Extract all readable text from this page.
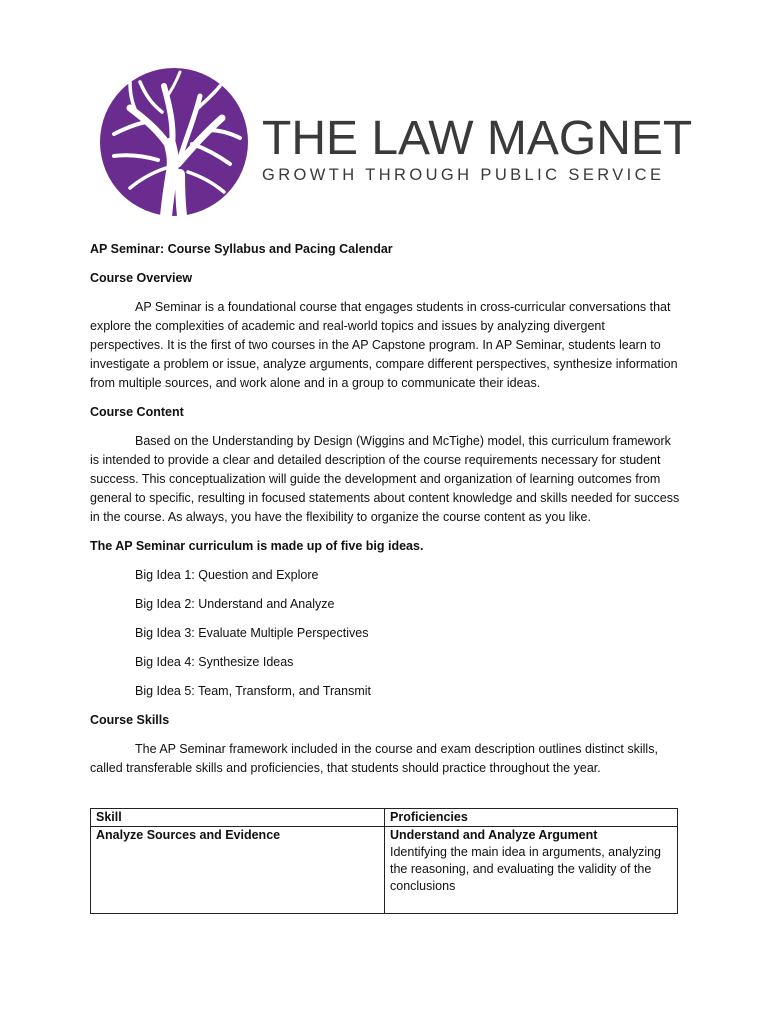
THE LAW MAGNET
GROWTH THROUGH PUBLIC SERVICE

AP Seminar: Course Syllabus and Pacing Calendar

Course Overview

AP Seminar is a foundational course that engages students in cross-curricular conversations that explore the complexities of academic and real-world topics and issues by analyzing divergent perspectives. It is the first of two courses in the AP Capstone program. In AP Seminar, students learn to investigate a problem or issue, analyze arguments, compare different perspectives, synthesize information from multiple sources, and work alone and in a group to communicate their ideas.

Course Content

Based on the Understanding by Design (Wiggins and McTighe) model, this curriculum framework is intended to provide a clear and detailed description of the course requirements necessary for student success. This conceptualization will guide the development and organization of learning outcomes from general to specific, resulting in focused statements about content knowledge and skills needed for success in the course. As always, you have the flexibility to organize the course content as you like.

The AP Seminar curriculum is made up of five big ideas.

Big Idea 1: Question and Explore

Big Idea 2: Understand and Analyze

Big Idea 3: Evaluate Multiple Perspectives

Big Idea 4: Synthesize Ideas

Big Idea 5: Team, Transform, and Transmit

Course Skills

The AP Seminar framework included in the course and exam description outlines distinct skills, called transferable skills and proficiencies, that students should practice throughout the year.

Skill	Proficiencies
Analyze Sources and Evidence	Understand and Analyze Argument
Identifying the main idea in arguments, analyzing the reasoning, and evaluating the validity of the conclusions
